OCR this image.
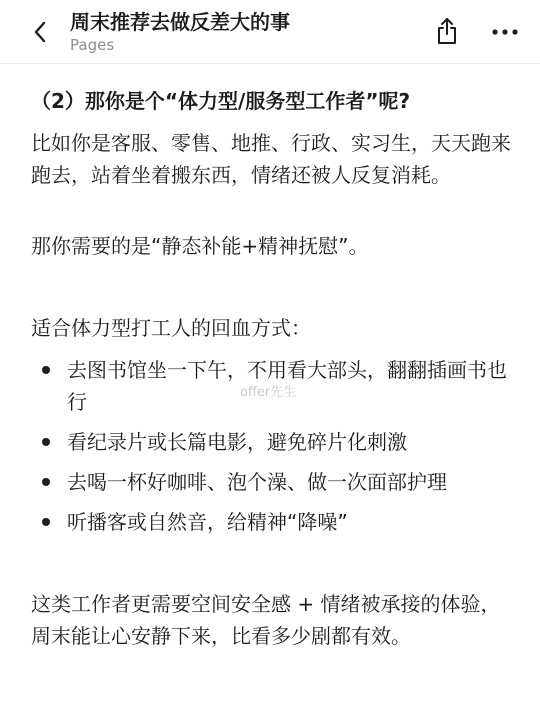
周末推荐去做反差大的事
Pages
（2）那你是个“体力型/服务型工作者”呢?

比如你是客服、零售、地推、行政、实习生，天天跑来跑去，站着坐着搬东西，情绪还被人反复消耗。

那你需要的是“静态补能+精神抚慰”。

适合体力型打工人的回血方式：

去图书馆坐一下午，不用看大部头，翻翻插画书也行
看纪录片或长篇电影，避免碎片化刺激
去喝一杯好咖啡、泡个澡、做一次面部护理
听播客或自然音，给精神“降噪”

这类工作者更需要空间安全感 + 情绪被承接的体验，周末能让心安静下来，比看多少剧都有效。

offer先生
